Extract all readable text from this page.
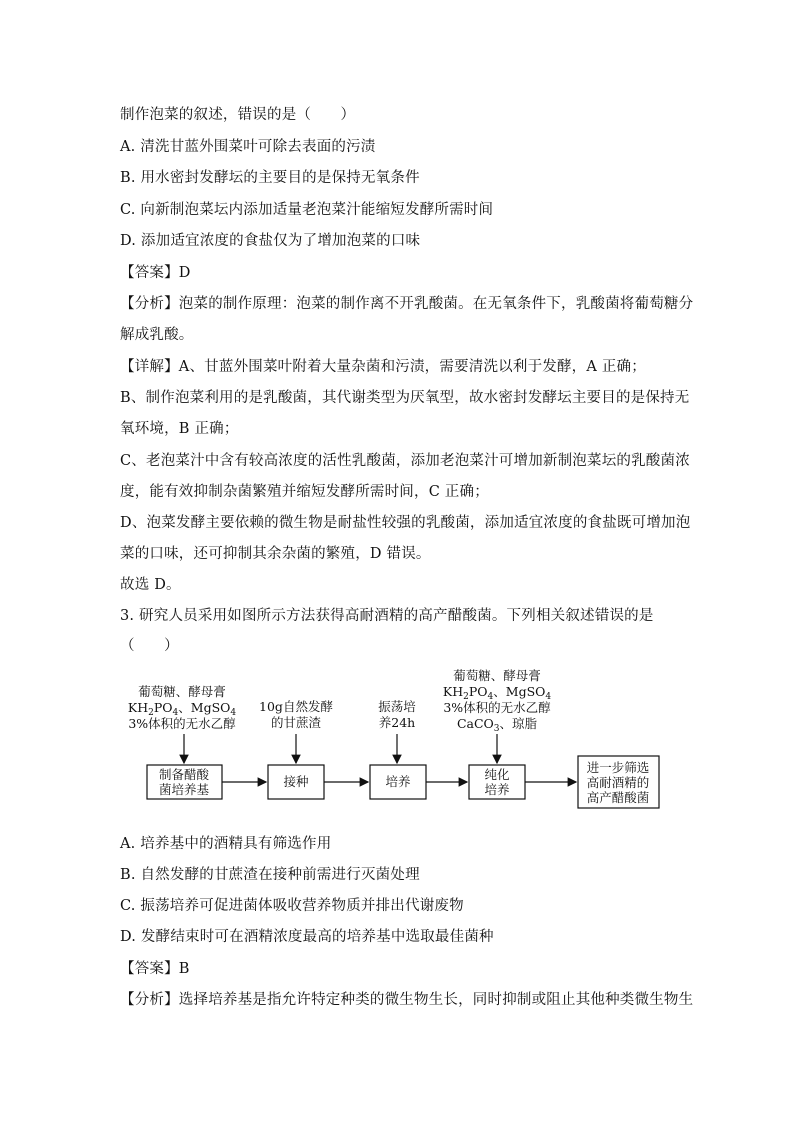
制作泡菜的叙述，错误的是（　　）
A. 清洗甘蓝外围菜叶可除去表面的污渍
B. 用水密封发酵坛的主要目的是保持无氧条件
C. 向新制泡菜坛内添加适量老泡菜汁能缩短发酵所需时间
D. 添加适宜浓度的食盐仅为了增加泡菜的口味
【答案】D
【分析】泡菜的制作原理：泡菜的制作离不开乳酸菌。在无氧条件下，乳酸菌将葡萄糖分
解成乳酸。
【详解】A、甘蓝外围菜叶附着大量杂菌和污渍，需要清洗以利于发酵，A 正确；
B、制作泡菜利用的是乳酸菌，其代谢类型为厌氧型，故水密封发酵坛主要目的是保持无
氧环境，B 正确；
C、老泡菜汁中含有较高浓度的活性乳酸菌，添加老泡菜汁可增加新制泡菜坛的乳酸菌浓
度，能有效抑制杂菌繁殖并缩短发酵所需时间，C 正确；
D、泡菜发酵主要依赖的微生物是耐盐性较强的乳酸菌，添加适宜浓度的食盐既可增加泡
菜的口味，还可抑制其余杂菌的繁殖，D 错误。
故选 D。
3. 研究人员采用如图所示方法获得高耐酒精的高产醋酸菌。下列相关叙述错误的是
（　　）
葡萄糖、酵母膏
$KH_2PO_4$、MgSO$_4$
3%体积的无水乙醇
10g自然发酵
的甘蔗渣
振荡培
养24h
葡萄糖、酵母膏
$KH_2PO_4$、MgSO$_4$
3%体积的无水乙醇
CaCO$_3$、琼脂
制备醋酸
菌培养基
接种	培养	纯化
培养
进一步筛选
高耐酒精的
高产醋酸菌
A. 培养基中的酒精具有筛选作用
B. 自然发酵的甘蔗渣在接种前需进行灭菌处理
C. 振荡培养可促进菌体吸收营养物质并排出代谢废物
D. 发酵结束时可在酒精浓度最高的培养基中选取最佳菌种
【答案】B
【分析】选择培养基是指允许特定种类的微生物生长，同时抑制或阻止其他种类微生物生
